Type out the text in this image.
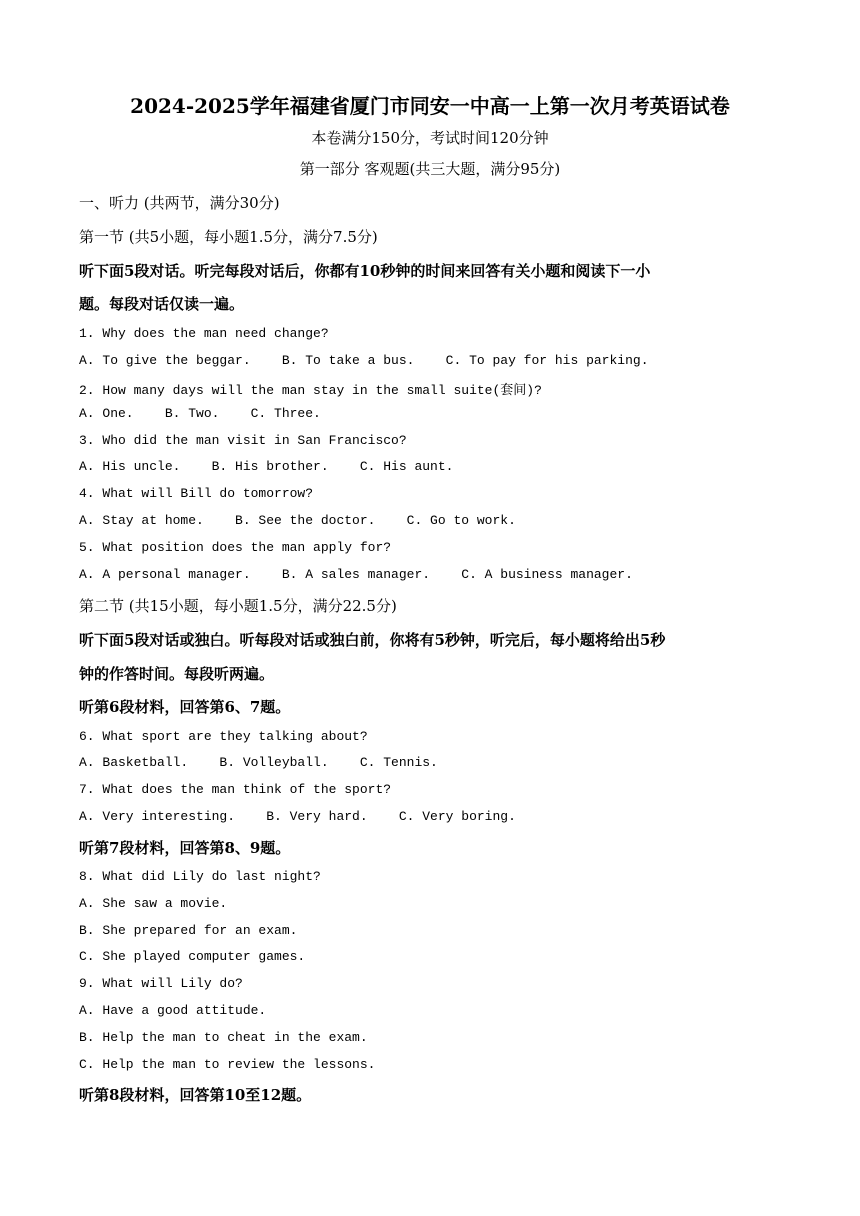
2024-2025学年福建省厦门市同安一中高一上第一次月考英语试卷
本卷满分150分，考试时间120分钟
第一部分 客观题(共三大题，满分95分)
一、听力 (共两节，满分30分)
第一节 (共5小题，每小题1.5分，满分7.5分)
听下面5段对话。听完每段对话后，你都有10秒钟的时间来回答有关小题和阅读下一小
题。每段对话仅读一遍。
1. Why does the man need change?
A. To give the beggar.    B. To take a bus.    C. To pay for his parking.
2. How many days will the man stay in the small suite(套间)?
A. One.    B. Two.    C. Three.
3. Who did the man visit in San Francisco?
A. His uncle.    B. His brother.    C. His aunt.
4. What will Bill do tomorrow?
A. Stay at home.    B. See the doctor.    C. Go to work.
5. What position does the man apply for?
A. A personal manager.    B. A sales manager.    C. A business manager.
第二节 (共15小题，每小题1.5分，满分22.5分)
听下面5段对话或独白。听每段对话或独白前，你将有5秒钟，听完后，每小题将给出5秒
钟的作答时间。每段听两遍。
听第6段材料，回答第6、7题。
6. What sport are they talking about?
A. Basketball.    B. Volleyball.    C. Tennis.
7. What does the man think of the sport?
A. Very interesting.    B. Very hard.    C. Very boring.
听第7段材料，回答第8、9题。
8. What did Lily do last night?
A. She saw a movie.
B. She prepared for an exam.
C. She played computer games.
9. What will Lily do?
A. Have a good attitude.
B. Help the man to cheat in the exam.
C. Help the man to review the lessons.
听第8段材料，回答第10至12题。
